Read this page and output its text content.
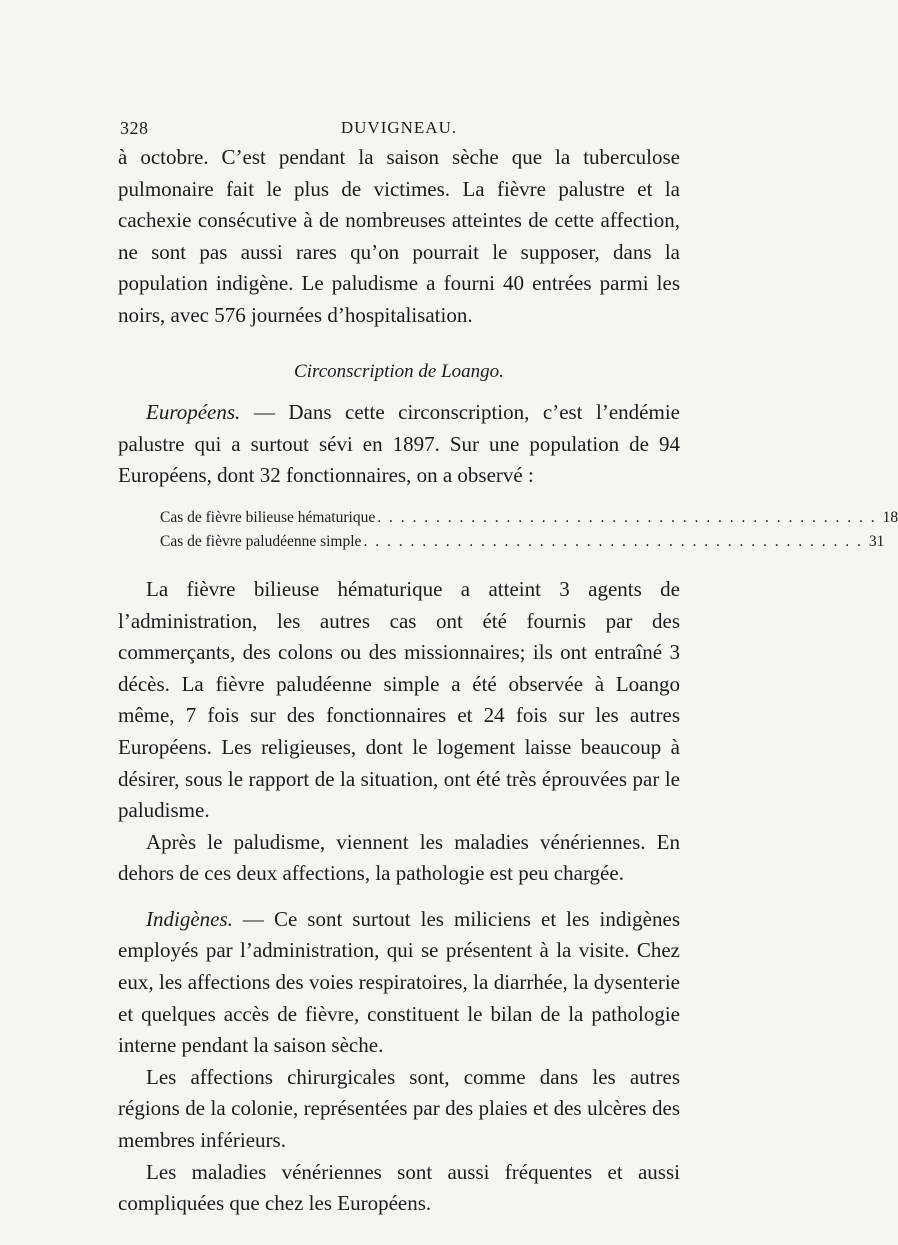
328	DUVIGNEAU.

à octobre. C’est pendant la saison sèche que la tuberculose pulmonaire fait le plus de victimes. La fièvre palustre et la cachexie consécutive à de nombreuses atteintes de cette affection, ne sont pas aussi rares qu’on pourrait le supposer, dans la population indigène. Le paludisme a fourni 40 entrées parmi les noirs, avec 576 journées d’hospitalisation.

Circonscription de Loango.

Européens. — Dans cette circonscription, c’est l’endémie palustre qui a surtout sévi en 1897. Sur une population de 94 Européens, dont 32 fonctionnaires, on a observé :

Cas de fièvre bilieuse hématurique . . . . . . . . . . . . . . . . . . . . . . . . . . . . . . . . . . . . . . . . . . . 18
Cas de fièvre paludéenne simple . . . . . . . . . . . . . . . . . . . . . . . . . . . . . . . . . . . . . . . . . . . 31

La fièvre bilieuse hématurique a atteint 3 agents de l’administration, les autres cas ont été fournis par des commerçants, des colons ou des missionnaires; ils ont entraîné 3 décès. La fièvre paludéenne simple a été observée à Loango même, 7 fois sur des fonctionnaires et 24 fois sur les autres Européens. Les religieuses, dont le logement laisse beaucoup à désirer, sous le rapport de la situation, ont été très éprouvées par le paludisme.

Après le paludisme, viennent les maladies vénériennes. En dehors de ces deux affections, la pathologie est peu chargée.

Indigènes. — Ce sont surtout les miliciens et les indigènes employés par l’administration, qui se présentent à la visite. Chez eux, les affections des voies respiratoires, la diarrhée, la dysenterie et quelques accès de fièvre, constituent le bilan de la pathologie interne pendant la saison sèche.

Les affections chirurgicales sont, comme dans les autres régions de la colonie, représentées par des plaies et des ulcères des membres inférieurs.

Les maladies vénériennes sont aussi fréquentes et aussi compliquées que chez les Européens.
